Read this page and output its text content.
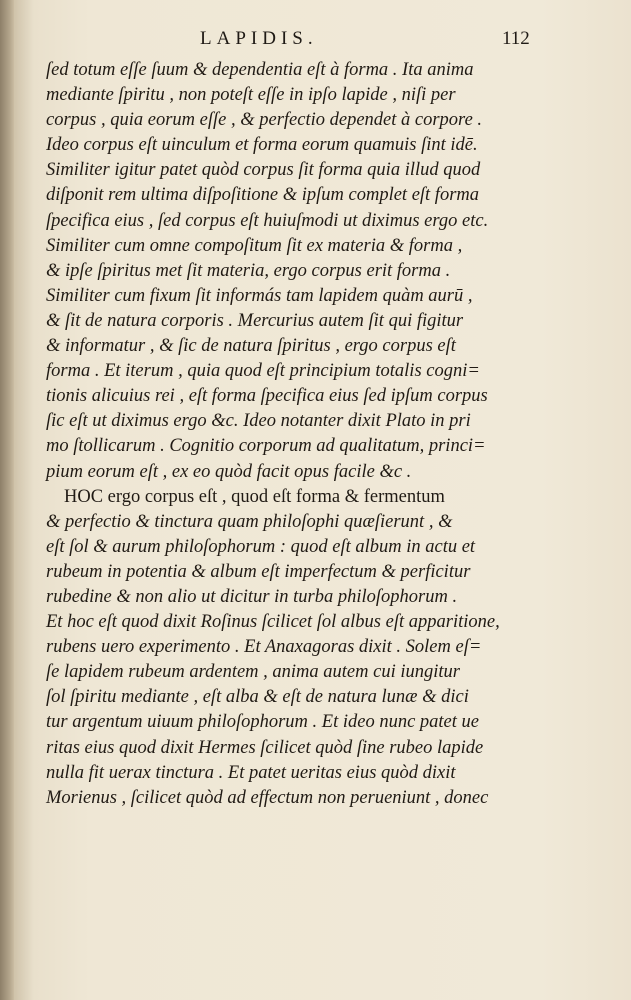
LAPIDIS.	112
ſed totum eſſe ſuum & dependentia eſt à forma . Ita anima
mediante ſpiritu , non poteſt eſſe in ipſo lapide , niſi per
corpus , quia eorum eſſe , & perfectio dependet à corpore .
Ideo corpus eſt uinculum et forma eorum quamuis ſint idē.
Similiter igitur patet quòd corpus ſit forma quia illud quod
diſponit rem ultima diſpoſitione & ipſum complet eſt forma
ſpecifica eius , ſed corpus eſt huiuſmodi ut diximus ergo etc.
Similiter cum omne compoſitum ſit ex materia & forma ,
& ipſe ſpiritus met ſit materia, ergo corpus erit forma .
Similiter cum fixum ſit informás tam lapidem quàm aurū ,
& ſit de natura corporis . Mercurius autem ſit qui figitur
& informatur , & ſic de natura ſpiritus , ergo corpus eſt
forma . Et iterum , quia quod eſt principium totalis cogni=
tionis alicuius rei , eſt forma ſpecifica eius ſed ipſum corpus
ſic eſt ut diximus ergo &c. Ideo notanter dixit Plato in pri
mo ſtollicarum . Cognitio corporum ad qualitatum, princi=
pium eorum eſt , ex eo quòd facit opus facile &c .
HOC ergo corpus eſt , quod eſt forma & fermentum
& perfectio & tinctura quam philoſophi quæſierunt , &
eſt ſol & aurum philoſophorum : quod eſt album in actu et
rubeum in potentia & album eſt imperfectum & perficitur
rubedine & non alio ut dicitur in turba philoſophorum .
Et hoc eſt quod dixit Roſinus ſcilicet ſol albus eſt apparitione,
rubens uero experimento . Et Anaxagoras dixit . Solem eſ=
ſe lapidem rubeum ardentem , anima autem cui iungitur
ſol ſpiritu mediante , eſt alba & eſt de natura lunæ & dici
tur argentum uiuum philoſophorum . Et ideo nunc patet ue
ritas eius quod dixit Hermes ſcilicet quòd ſine rubeo lapide
nulla fit uerax tinctura . Et patet ueritas eius quòd dixit
Morienus , ſcilicet quòd ad effectum non perueniunt , donec
